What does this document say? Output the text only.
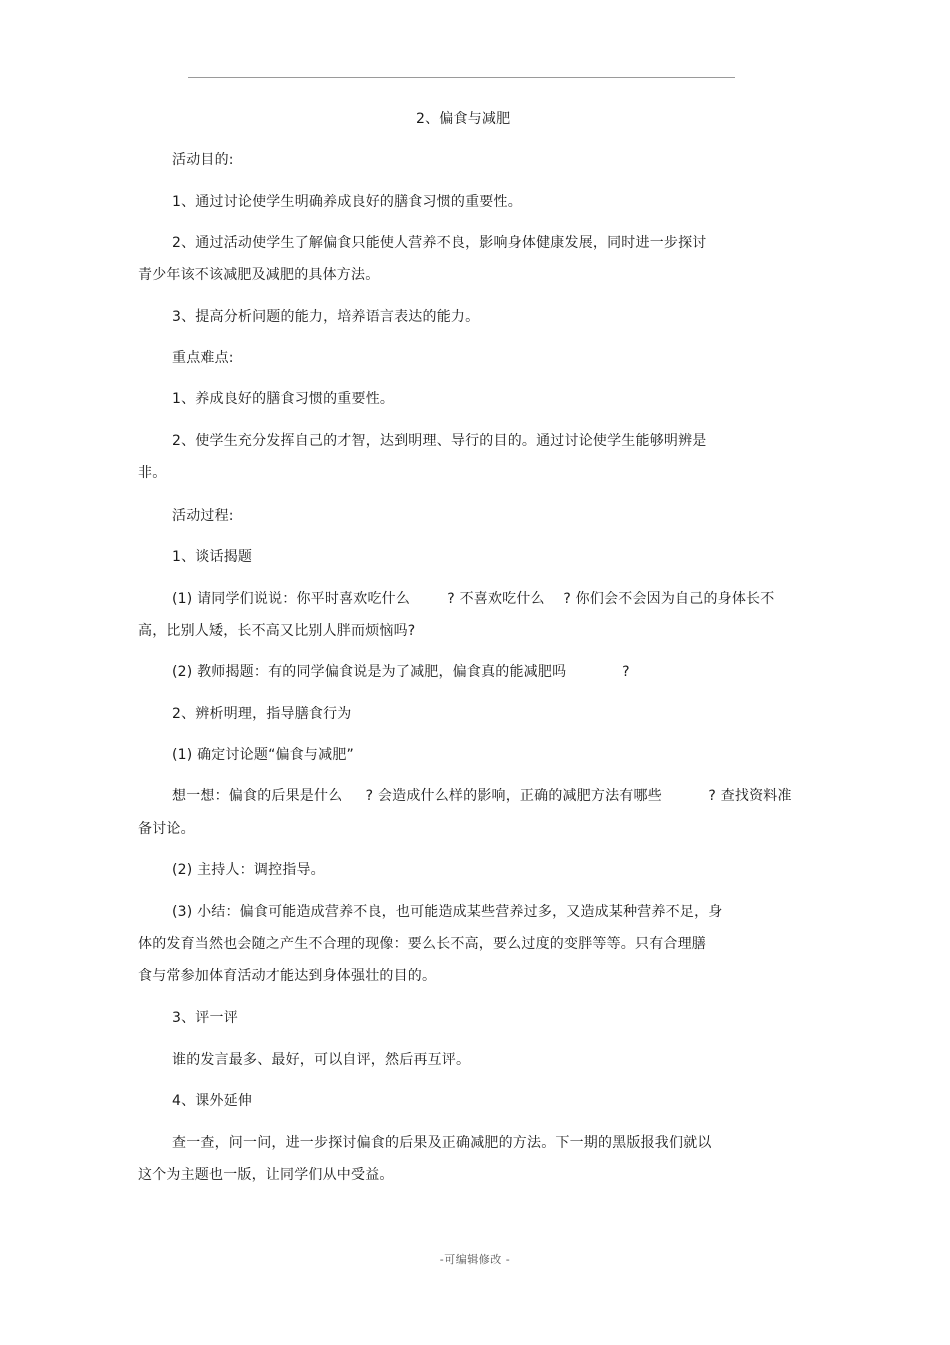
2、偏食与减肥
活动目的:
1、通过讨论使学生明确养成良好的膳食习惯的重要性。
2、通过活动使学生了解偏食只能使人营养不良，影响身体健康发展，同时进一步探讨
青少年该不该减肥及减肥的具体方法。
3、提高分析问题的能力，培养语言表达的能力。
重点难点:
1、养成良好的膳食习惯的重要性。
2、使学生充分发挥自己的才智，达到明理、导行的目的。通过讨论使学生能够明辨是
非。
活动过程:
1、谈话揭题
(1) 请同学们说说：你平时喜欢吃什么        ? 不喜欢吃什么    ? 你们会不会因为自己的身体长不
高，比别人矮，长不高又比别人胖而烦恼吗?
(2) 教师揭题：有的同学偏食说是为了减肥，偏食真的能减肥吗            ?
2、辨析明理，指导膳食行为
(1) 确定讨论题“偏食与减肥”
想一想：偏食的后果是什么     ? 会造成什么样的影响，正确的减肥方法有哪些          ? 查找资料准
备讨论。
(2) 主持人：调控指导。
(3) 小结：偏食可能造成营养不良，也可能造成某些营养过多，又造成某种营养不足，身
体的发育当然也会随之产生不合理的现像：要么长不高，要么过度的变胖等等。只有合理膳
食与常参加体育活动才能达到身体强壮的目的。
3、评一评
谁的发言最多、最好，可以自评，然后再互评。
4、课外延伸
查一查，问一问，进一步探讨偏食的后果及正确减肥的方法。下一期的黑版报我们就以
这个为主题也一版，让同学们从中受益。
-可编辑修改 -
